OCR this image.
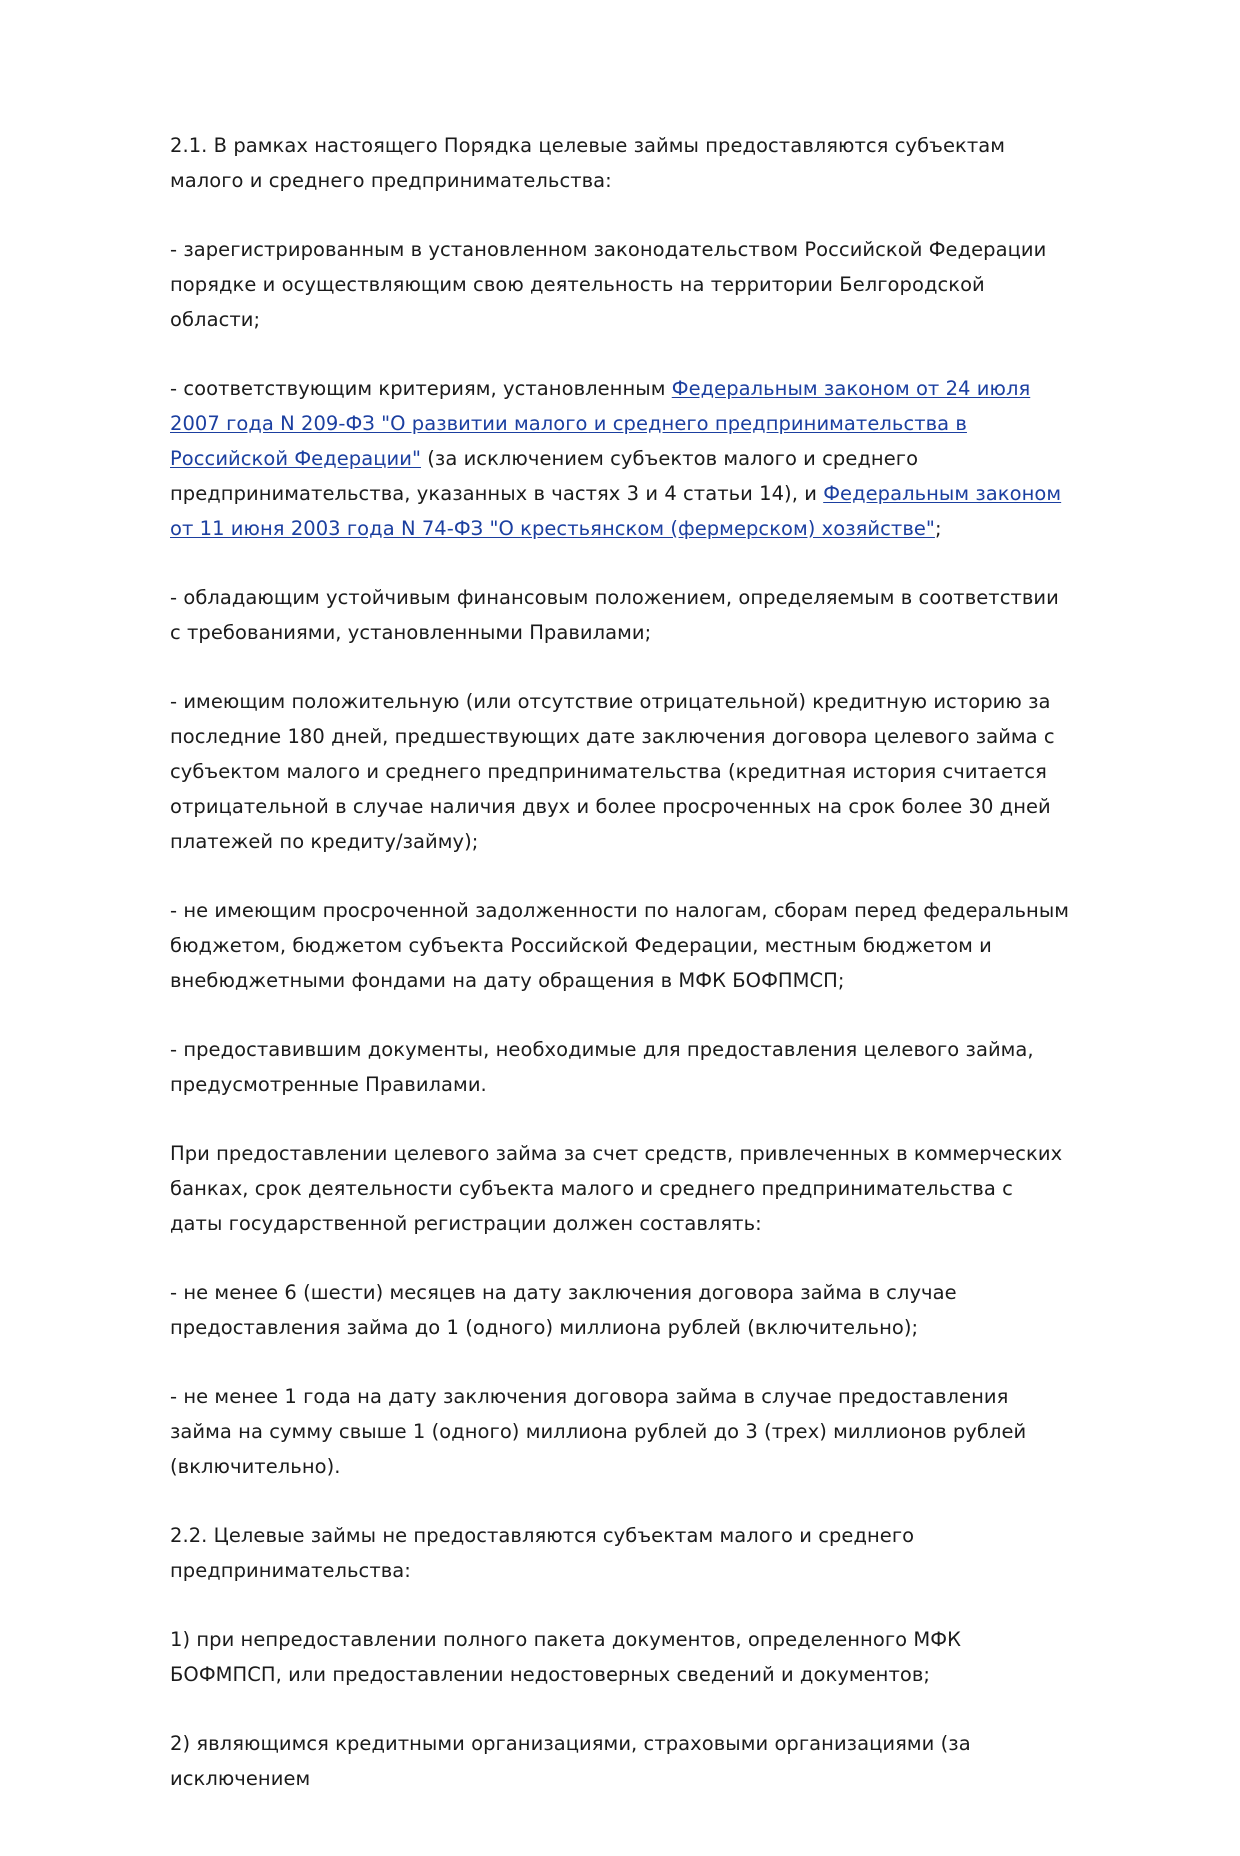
2.1. В рамках настоящего Порядка целевые займы предоставляются субъектам малого и среднего предпринимательства:

- зарегистрированным в установленном законодательством Российской Федерации порядке и осуществляющим свою деятельность на территории Белгородской области;

- соответствующим критериям, установленным Федеральным законом от 24 июля 2007 года N 209-ФЗ "О развитии малого и среднего предпринимательства в Российской Федерации" (за исключением субъектов малого и среднего предпринимательства, указанных в частях 3 и 4 статьи 14), и Федеральным законом от 11 июня 2003 года N 74-ФЗ "О крестьянском (фермерском) хозяйстве";

- обладающим устойчивым финансовым положением, определяемым в соответствии с требованиями, установленными Правилами;

- имеющим положительную (или отсутствие отрицательной) кредитную историю за последние 180 дней, предшествующих дате заключения договора целевого займа с субъектом малого и среднего предпринимательства (кредитная история считается отрицательной в случае наличия двух и более просроченных на срок более 30 дней платежей по кредиту/займу);

- не имеющим просроченной задолженности по налогам, сборам перед федеральным бюджетом, бюджетом субъекта Российской Федерации, местным бюджетом и внебюджетными фондами на дату обращения в МФК БОФПМСП;

- предоставившим документы, необходимые для предоставления целевого займа, предусмотренные Правилами.

При предоставлении целевого займа за счет средств, привлеченных в коммерческих банках, срок деятельности субъекта малого и среднего предпринимательства с даты государственной регистрации должен составлять:

- не менее 6 (шести) месяцев на дату заключения договора займа в случае предоставления займа до 1 (одного) миллиона рублей (включительно);

- не менее 1 года на дату заключения договора займа в случае предоставления займа на сумму свыше 1 (одного) миллиона рублей до 3 (трех) миллионов рублей (включительно).

2.2. Целевые займы не предоставляются субъектам малого и среднего предпринимательства:

1) при непредоставлении полного пакета документов, определенного МФК БОФМПСП, или предоставлении недостоверных сведений и документов;

2) являющимся кредитными организациями, страховыми организациями (за исключением
